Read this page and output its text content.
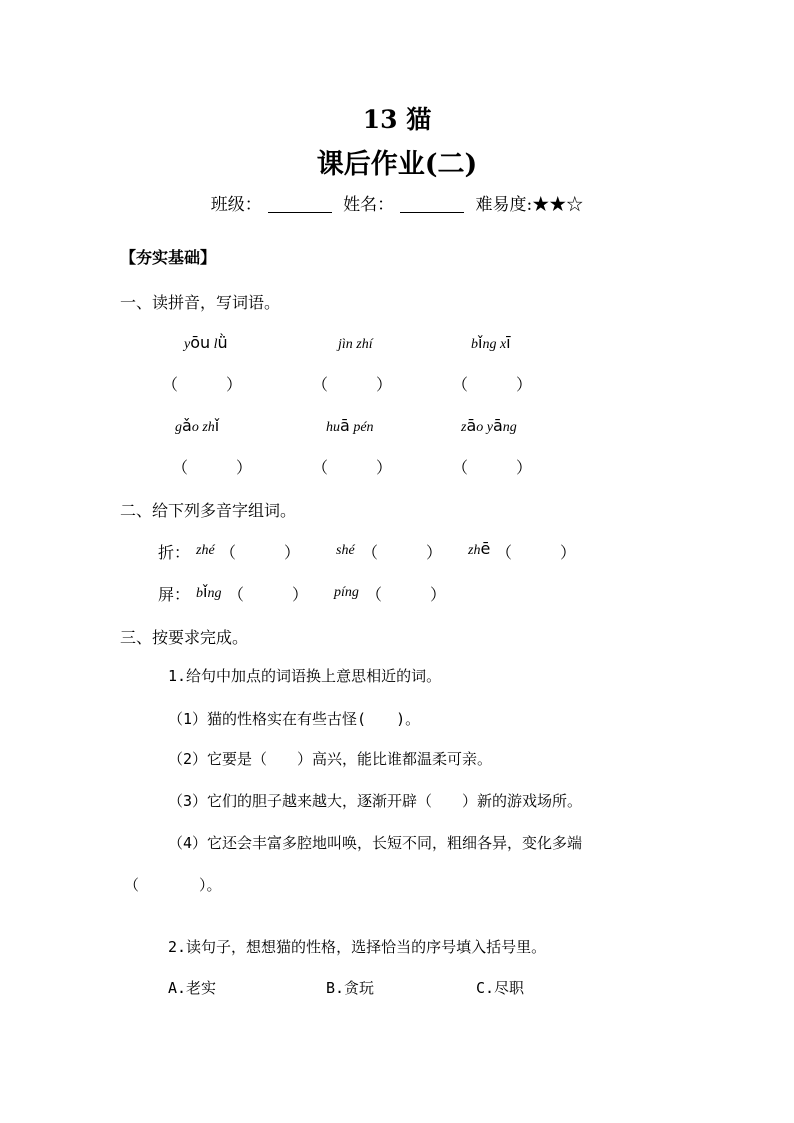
13 猫
课后作业(二)
班级：	姓名：	难易度:★★☆
【夯实基础】
一、读拼音，写词语。
yōu lǜ	jìn zhí	bǐng xī
（　　　）	（　　　）	（　　　）
gǎo zhǐ	huā pén	zāo yāng
（　　　）	（　　　）	（　　　）
二、给下列多音字组词。
折： zhé （　　　）	shé （　　　） zhē （　　　）
屏： bǐng （　　　） píng （　　　）
三、按要求完成。
1.给句中加点的词语换上意思相近的词。
（1）猫的性格实在有些古怪(　　)。
（2）它要是（　　）高兴，能比谁都温柔可亲。
（3）它们的胆子越来越大，逐渐开辟（　　）新的游戏场所。
（4）它还会丰富多腔地叫唤，长短不同，粗细各异，变化多端
（　　　　）。
2.读句子，想想猫的性格，选择恰当的序号填入括号里。
A.老实	B.贪玩	C.尽职
